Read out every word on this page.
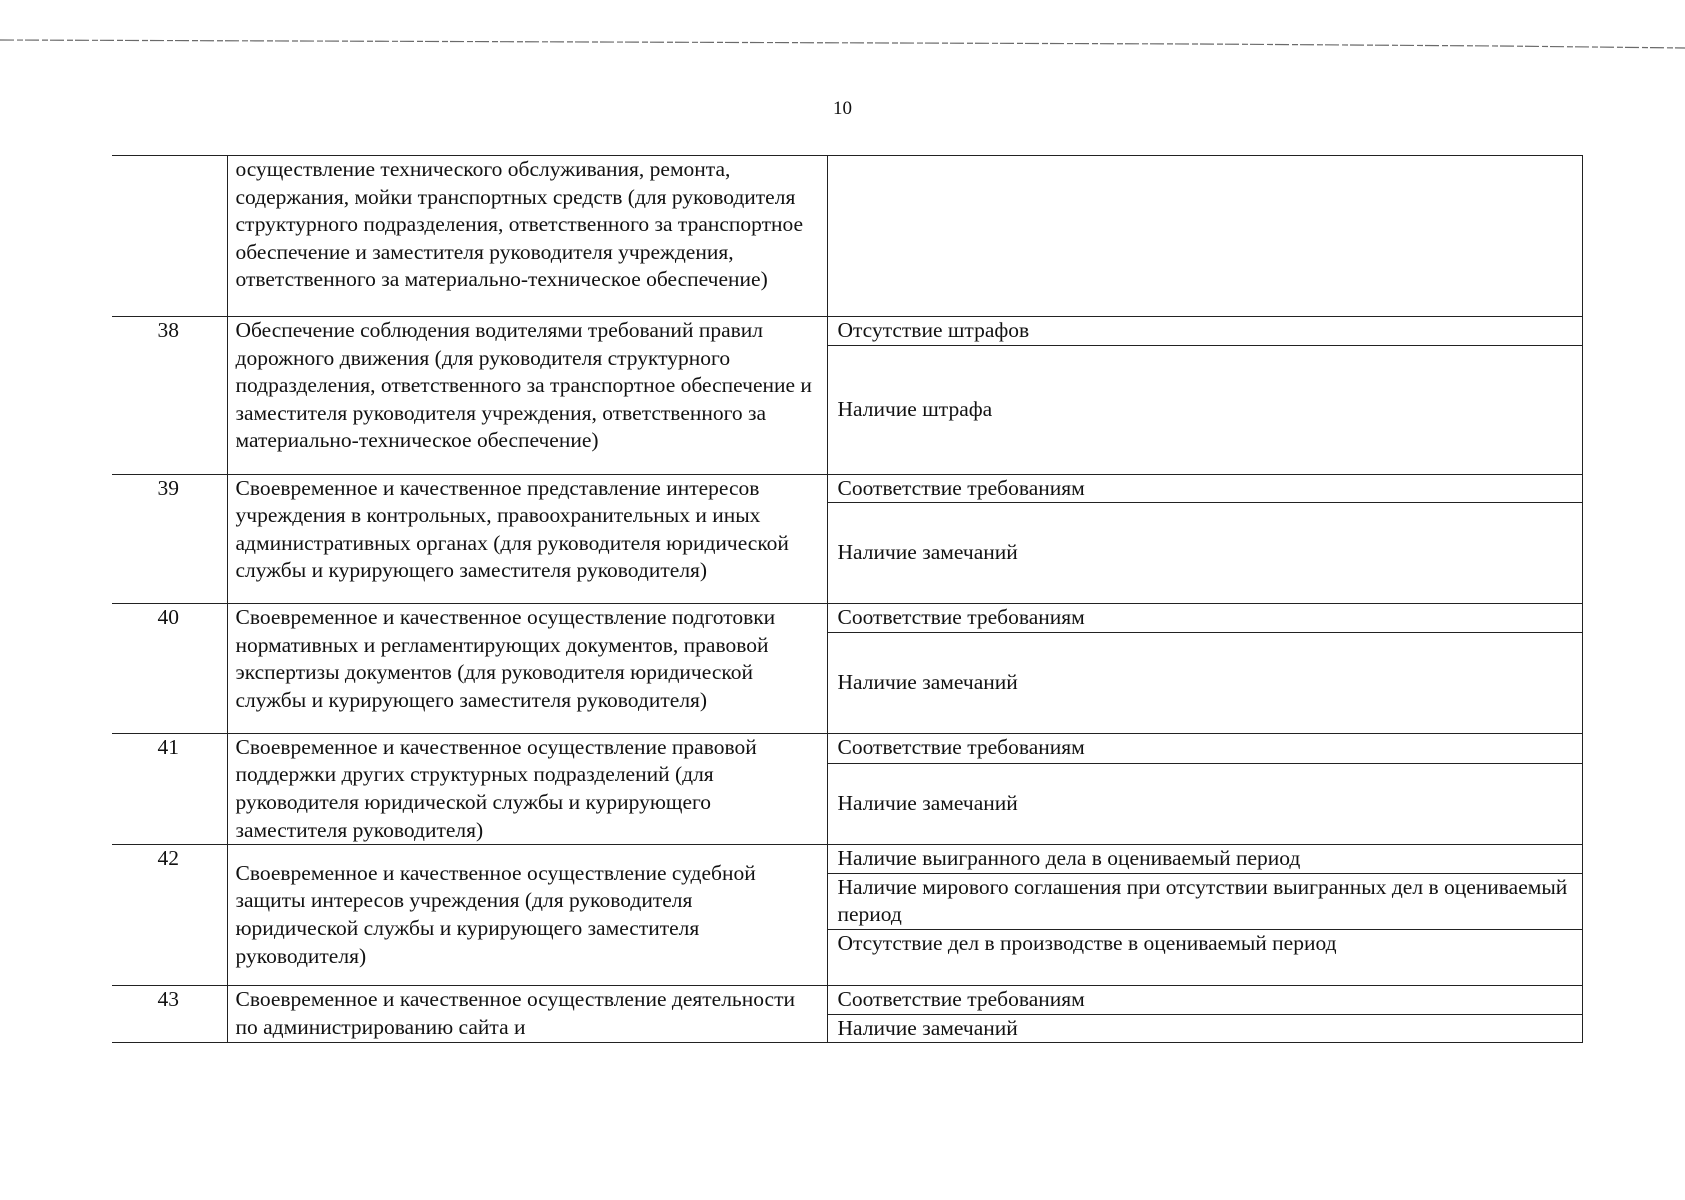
10
	осуществление технического обслуживания, ремонта, содержания, мойки транспортных средств (для руководителя структурного подразделения, ответственного за транспортное обеспечение и заместителя руководителя учреждения, ответственного за материально-техническое обеспечение)	
38	Обеспечение соблюдения водителями требований правил дорожного движения (для руководителя структурного подразделения, ответственного за транспортное обеспечение и заместителя руководителя учреждения, ответственного за материально-техническое обеспечение)	Отсутствие штрафов
		Наличие штрафа
39	Своевременное и качественное представление интересов учреждения в контрольных, правоохранительных и иных административных органах (для руководителя юридической службы и курирующего заместителя руководителя)	Соответствие требованиям
		Наличие замечаний
40	Своевременное и качественное осуществление подготовки нормативных и регламентирующих документов, правовой экспертизы документов (для руководителя юридической службы и курирующего заместителя руководителя)	Соответствие требованиям
		Наличие замечаний
41	Своевременное и качественное осуществление правовой поддержки других структурных подразделений (для руководителя юридической службы и курирующего заместителя руководителя)	Соответствие требованиям
		Наличие замечаний
42	Своевременное и качественное осуществление судебной защиты интересов учреждения (для руководителя юридической службы и курирующего заместителя руководителя)	Наличие выигранного дела в оцениваемый период
		Наличие мирового соглашения при отсутствии выигранных дел в оцениваемый период
		Отсутствие дел в производстве в оцениваемый период
43	Своевременное и качественное осуществление деятельности по администрированию сайта и	Соответствие требованиям
		Наличие замечаний
